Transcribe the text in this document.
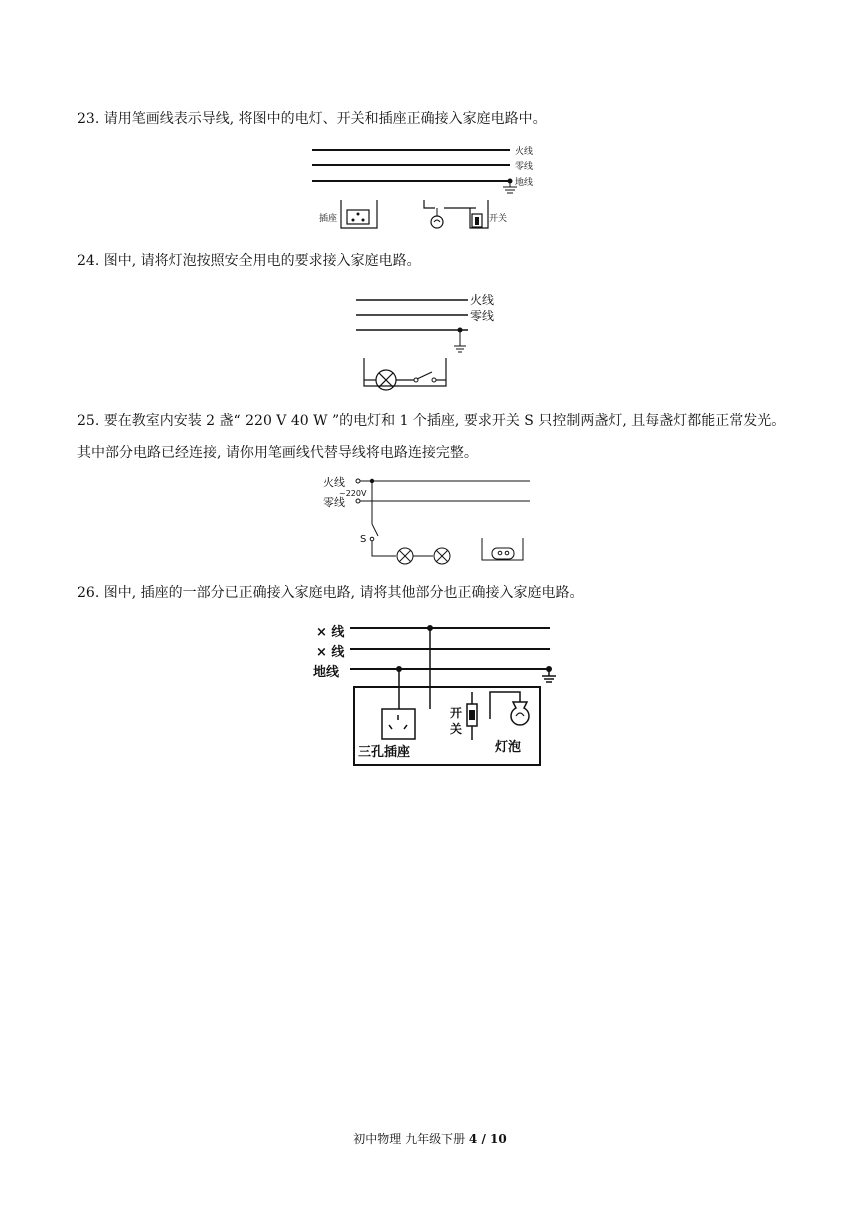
23. 请用笔画线表示导线, 将图中的电灯、开关和插座正确接入家庭电路中。
火线
零线
地线
插座	开关
24. 图中, 请将灯泡按照安全用电的要求接入家庭电路。
火线
零线
25. 要在教室内安装 2 盏“ 220 V 40 W ”的电灯和 1 个插座, 要求开关 S 只控制两盏灯, 且每盏灯都能正常发光。其中部分电路已经连接, 请你用笔画线代替导线将电路连接完整。
火线
~220V
零线
S
26. 图中, 插座的一部分已正确接入家庭电路, 请将其他部分也正确接入家庭电路。
× 线
× 线
地线
三孔插座
开
关
灯泡
初中物理 九年级下册 4 / 10
